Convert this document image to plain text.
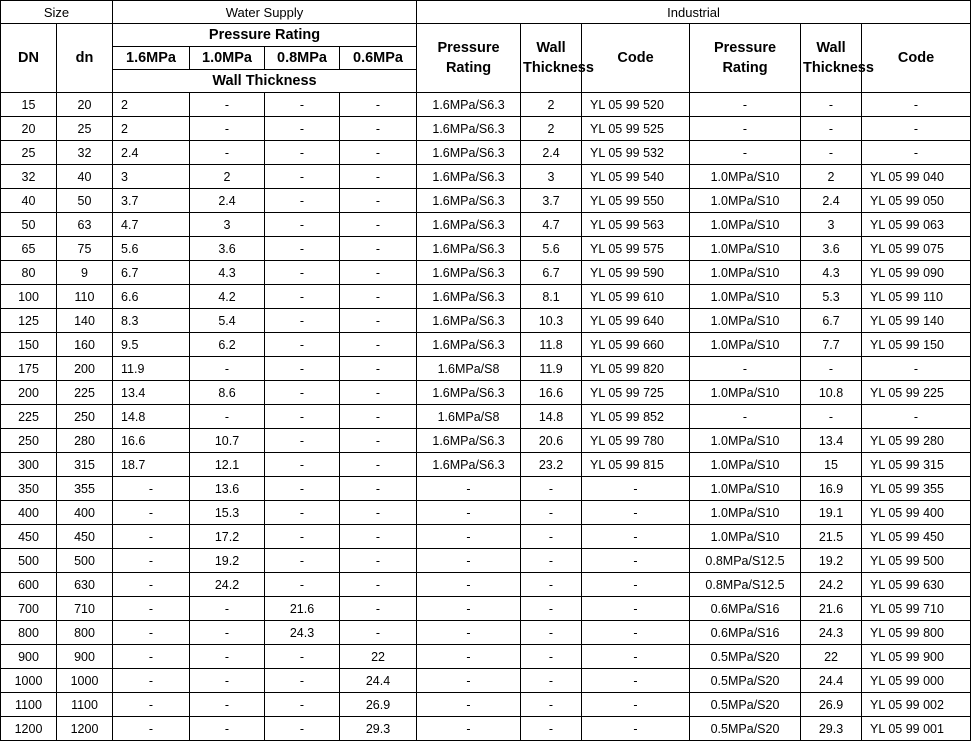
Size		Water Supply				Industrial					
DN	dn	Pressure Rating				Pressure Rating	Wall Thickness	Code	Pressure Rating	Wall Thickness	Code
		1.6MPa	1.0MPa	0.8MPa	0.6MPa						
		Wall Thickness									
15	20	2	-	-	-	1.6MPa/S6.3	2	YL 05 99 520	-	-	-
20	25	2	-	-	-	1.6MPa/S6.3	2	YL 05 99 525	-	-	-
25	32	2.4	-	-	-	1.6MPa/S6.3	2.4	YL 05 99 532	-	-	-
32	40	3	2	-	-	1.6MPa/S6.3	3	YL 05 99 540	1.0MPa/S10	2	YL 05 99 040
40	50	3.7	2.4	-	-	1.6MPa/S6.3	3.7	YL 05 99 550	1.0MPa/S10	2.4	YL 05 99 050
50	63	4.7	3	-	-	1.6MPa/S6.3	4.7	YL 05 99 563	1.0MPa/S10	3	YL 05 99 063
65	75	5.6	3.6	-	-	1.6MPa/S6.3	5.6	YL 05 99 575	1.0MPa/S10	3.6	YL 05 99 075
80	9	6.7	4.3	-	-	1.6MPa/S6.3	6.7	YL 05 99 590	1.0MPa/S10	4.3	YL 05 99 090
100	110	6.6	4.2	-	-	1.6MPa/S6.3	8.1	YL 05 99 610	1.0MPa/S10	5.3	YL 05 99 110
125	140	8.3	5.4	-	-	1.6MPa/S6.3	10.3	YL 05 99 640	1.0MPa/S10	6.7	YL 05 99 140
150	160	9.5	6.2	-	-	1.6MPa/S6.3	11.8	YL 05 99 660	1.0MPa/S10	7.7	YL 05 99 150
175	200	11.9	-	-	-	1.6MPa/S8	11.9	YL 05 99 820	-	-	-
200	225	13.4	8.6	-	-	1.6MPa/S6.3	16.6	YL 05 99 725	1.0MPa/S10	10.8	YL 05 99 225
225	250	14.8	-	-	-	1.6MPa/S8	14.8	YL 05 99 852	-	-	-
250	280	16.6	10.7	-	-	1.6MPa/S6.3	20.6	YL 05 99 780	1.0MPa/S10	13.4	YL 05 99 280
300	315	18.7	12.1	-	-	1.6MPa/S6.3	23.2	YL 05 99 815	1.0MPa/S10	15	YL 05 99 315
350	355	-	13.6	-	-	-	-	-	1.0MPa/S10	16.9	YL 05 99 355
400	400	-	15.3	-	-	-	-	-	1.0MPa/S10	19.1	YL 05 99 400
450	450	-	17.2	-	-	-	-	-	1.0MPa/S10	21.5	YL 05 99 450
500	500	-	19.2	-	-	-	-	-	0.8MPa/S12.5	19.2	YL 05 99 500
600	630	-	24.2	-	-	-	-	-	0.8MPa/S12.5	24.2	YL 05 99 630
700	710	-	-	21.6	-	-	-	-	0.6MPa/S16	21.6	YL 05 99 710
800	800	-	-	24.3	-	-	-	-	0.6MPa/S16	24.3	YL 05 99 800
900	900	-	-	-	22	-	-	-	0.5MPa/S20	22	YL 05 99 900
1000	1000	-	-	-	24.4	-	-	-	0.5MPa/S20	24.4	YL 05 99 000
1100	1100	-	-	-	26.9	-	-	-	0.5MPa/S20	26.9	YL 05 99 002
1200	1200	-	-	-	29.3	-	-	-	0.5MPa/S20	29.3	YL 05 99 001
